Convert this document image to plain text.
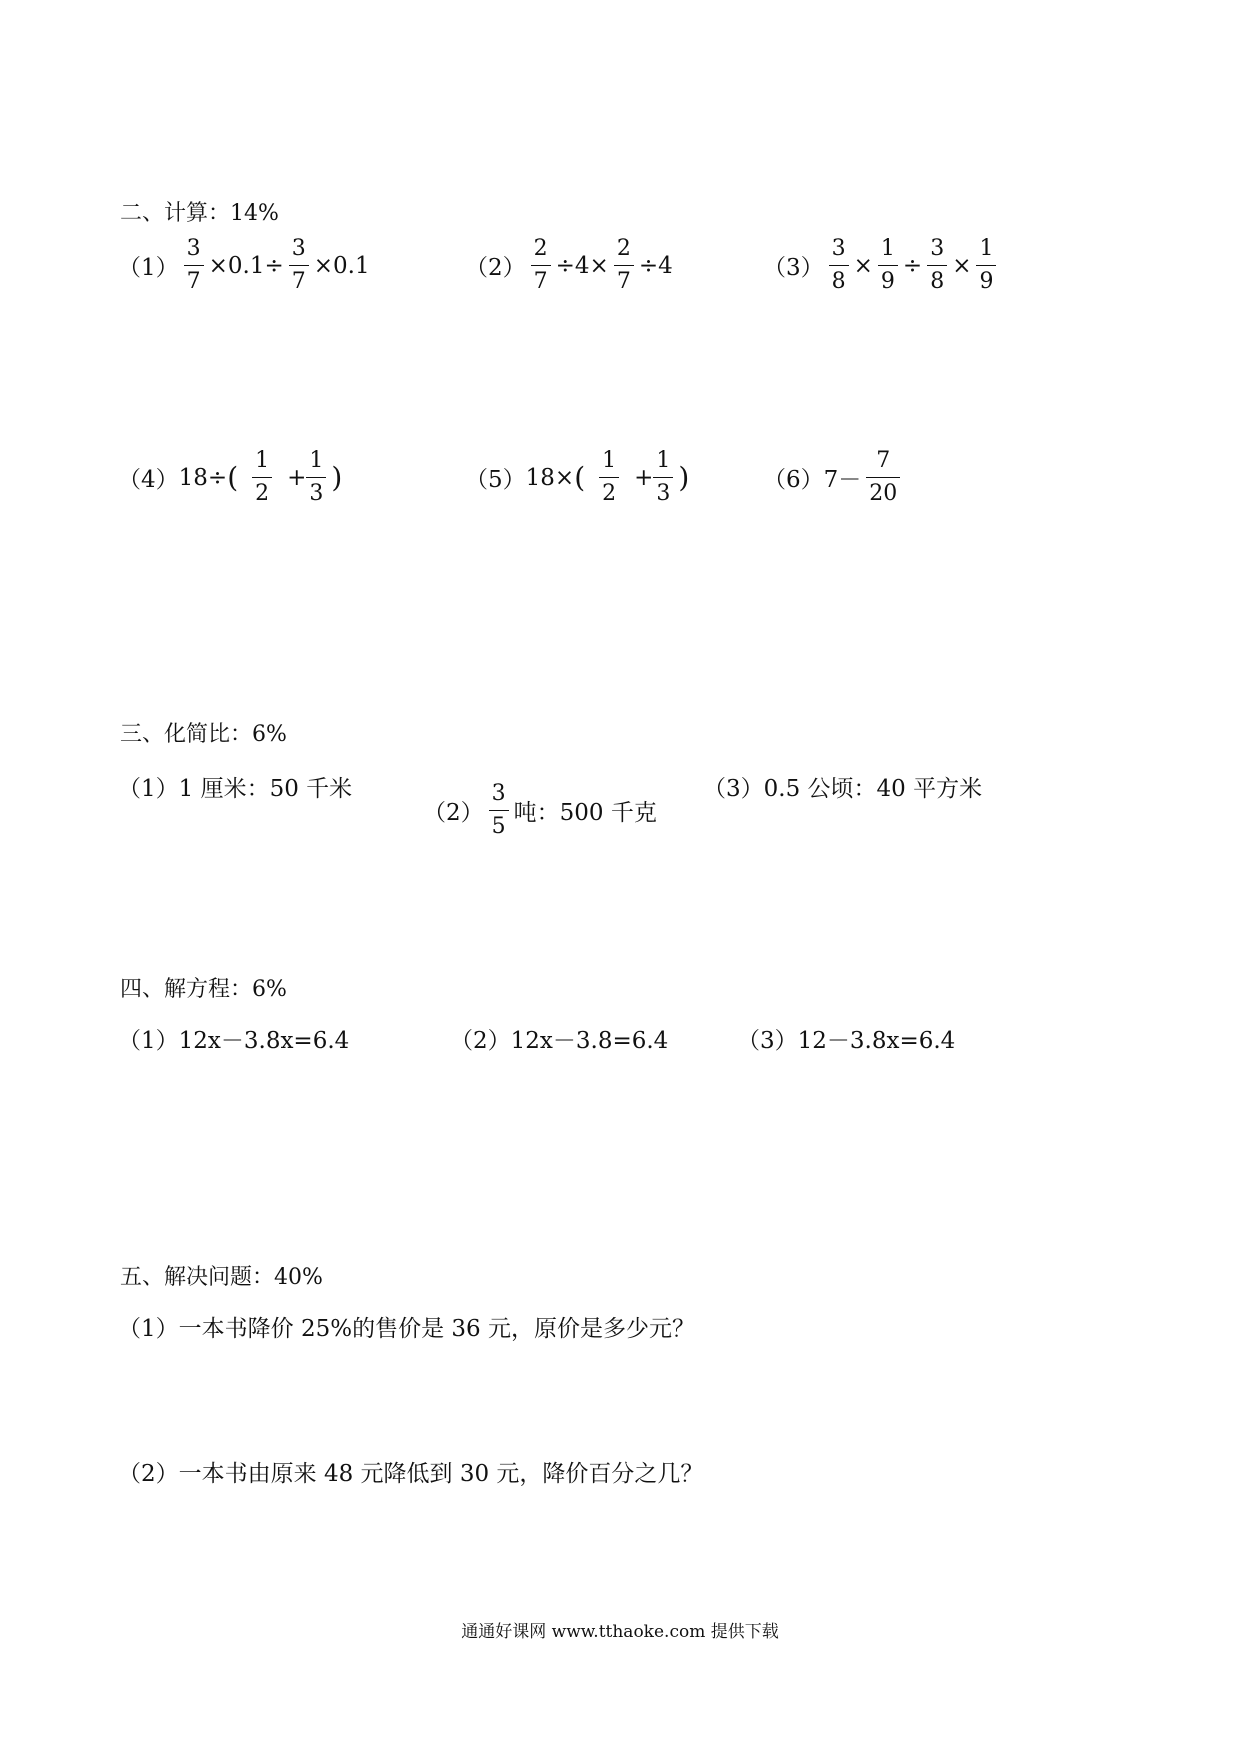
二、计算：14%
$(1) \frac{3}{7} \times 0.1\div \frac{3}{7} \times 0.1$	$(2) \frac{2}{7} \div 4\times \frac{2}{7} \div 4$	$(3) \frac{3}{8} \times \frac{1}{9} \div \frac{3}{8} \times \frac{1}{9}$
（4） 18÷ ( $\frac{1}{2} + \frac{1}{3}$ )	（5） 18× ( $\frac{1}{2} + \frac{1}{3}$ )	（6） $7- \frac{7}{20}$
三、化简比：6%
（1）1 厘米：50 千米
$(2) \frac{3}{5}$ 吨：500 千克
（3）0.5 公顷：40 平方米
四、解方程：6%
（1）12x－3.8x=6.4	（2）12x－3.8=6.4	（3）12－3.8x=6.4
五、解决问题：40%
（1）一本书降价 25%的售价是 36 元，原价是多少元？
（2）一本书由原来 48 元降低到 30 元，降价百分之几？
通通好课网 www.tthaoke.com 提供下载
